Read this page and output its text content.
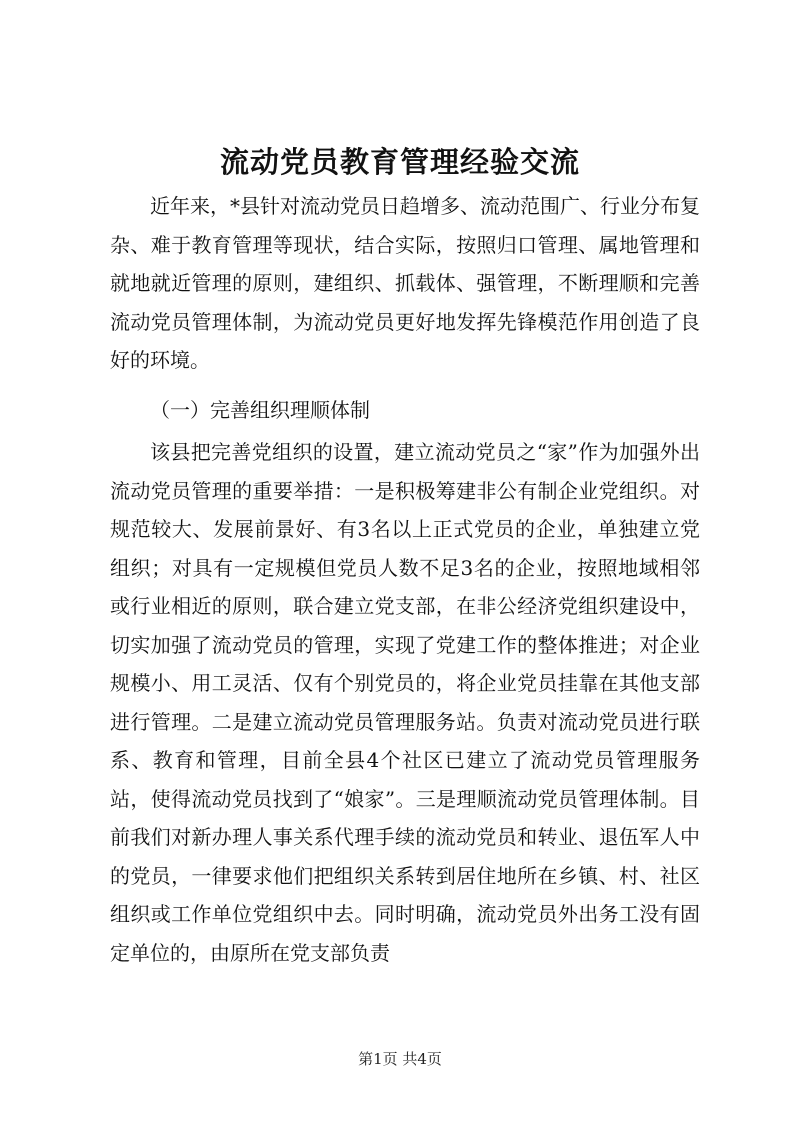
流动党员教育管理经验交流
近年来，*县针对流动党员日趋增多、流动范围广、行业分布复杂、难于教育管理等现状，结合实际，按照归口管理、属地管理和就地就近管理的原则，建组织、抓载体、强管理，不断理顺和完善流动党员管理体制，为流动党员更好地发挥先锋模范作用创造了良好的环境。
（一）完善组织理顺体制
该县把完善党组织的设置，建立流动党员之“家”作为加强外出流动党员管理的重要举措：一是积极筹建非公有制企业党组织。对规范较大、发展前景好、有3名以上正式党员的企业，单独建立党组织；对具有一定规模但党员人数不足3名的企业，按照地域相邻或行业相近的原则，联合建立党支部，在非公经济党组织建设中，切实加强了流动党员的管理，实现了党建工作的整体推进；对企业规模小、用工灵活、仅有个别党员的，将企业党员挂靠在其他支部进行管理。二是建立流动党员管理服务站。负责对流动党员进行联系、教育和管理，目前全县4个社区已建立了流动党员管理服务站，使得流动党员找到了“娘家”。三是理顺流动党员管理体制。目前我们对新办理人事关系代理手续的流动党员和转业、退伍军人中的党员，一律要求他们把组织关系转到居住地所在乡镇、村、社区组织或工作单位党组织中去。同时明确，流动党员外出务工没有固定单位的，由原所在党支部负责
第1页 共4页
